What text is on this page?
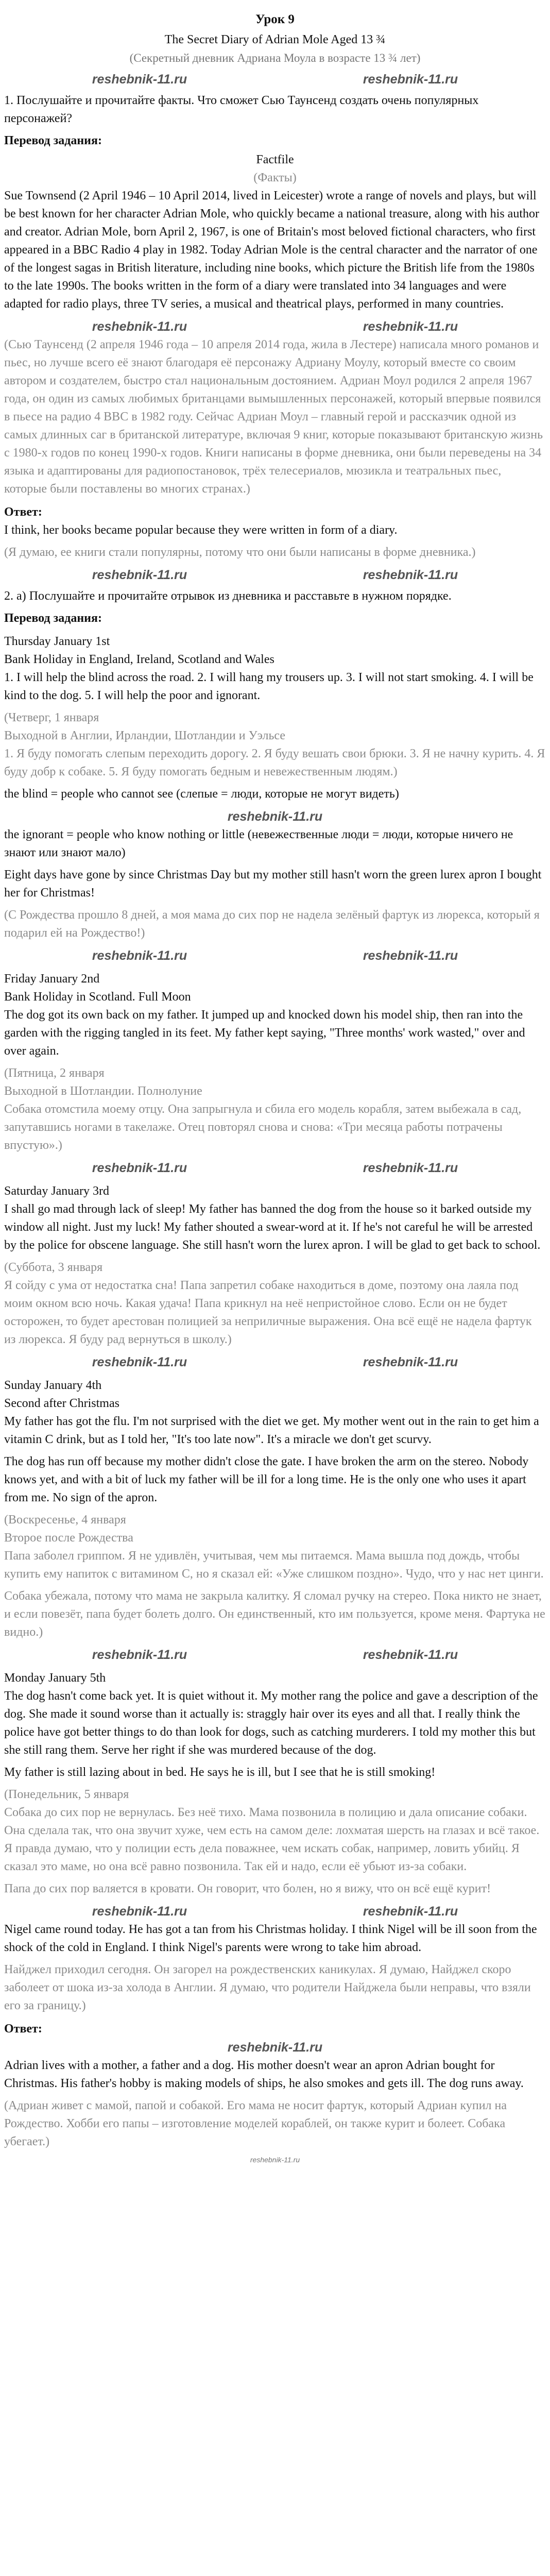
Урок 9
The Secret Diary of Adrian Mole Aged 13 ¾
(Секретный дневник Адриана Моула в возрасте 13 ¾ лет)
reshebnik-11.ru	reshebnik-11.ru

1. Послушайте и прочитайте факты. Что сможет Сью Таунсенд создать очень популярных персонажей?

Перевод задания:
Factfile
(Факты)

Sue Townsend (2 April 1946 – 10 April 2014, lived in Leicester) wrote a range of novels and plays, but will be best known for her character Adrian Mole, who quickly became a national treasure, along with his author and creator. Adrian Mole, born April 2, 1967, is one of Britain's most beloved fictional characters, who first appeared in a BBC Radio 4 play in 1982. Today Adrian Mole is the central character and the narrator of one of the longest sagas in British literature, including nine books, which picture the British life from the 1980s to the late 1990s. The books written in the form of a diary were translated into 34 languages and were adapted for radio plays, three TV series, a musical and theatrical plays, performed in many countries.

reshebnik-11.ru	reshebnik-11.ru

(Сью Таунсенд (2 апреля 1946 года – 10 апреля 2014 года, жила в Лестере) написала много романов и пьес, но лучше всего её знают благодаря её персонажу Адриану Моулу, который вместе со своим автором и создателем, быстро стал национальным достоянием. Адриан Моул родился 2 апреля 1967 года, он один из самых любимых британцами вымышленных персонажей, который впервые появился в пьесе на радио 4 ВВС в 1982 году. Сейчас Адриан Моул – главный герой и рассказчик одной из самых длинных саг в британской литературе, включая 9 книг, которые показывают британскую жизнь с 1980-х годов по конец 1990-х годов. Книги написаны в форме дневника, они были переведены на 34 языка и адаптированы для радиопостановок, трёх телесериалов, мюзикла и театральных пьес, которые были поставлены во многих странах.)

Ответ:

I think, her books became popular because they were written in form of a diary.

(Я думаю, ее книги стали популярны, потому что они были написаны в форме дневника.)

reshebnik-11.ru	reshebnik-11.ru

2. а) Послушайте и прочитайте отрывок из дневника и расставьте в нужном порядке.

Перевод задания:
Thursday January 1st
Bank Holiday in England, Ireland, Scotland and Wales

1. I will help the blind across the road. 2. I will hang my trousers up. 3. I will not start smoking. 4. I will be kind to the dog. 5. I will help the poor and ignorant.

(Четверг, 1 января
Выходной в Англии, Ирландии, Шотландии и Уэльсе

1. Я буду помогать слепым переходить дорогу. 2. Я буду вешать свои брюки. 3. Я не начну курить. 4. Я буду добр к собаке. 5. Я буду помогать бедным и невежественным людям.)

the blind = people who cannot see (слепые = люди, которые не могут видеть)

reshebnik-11.ru

the ignorant = people who know nothing or little (невежественные люди = люди, которые ничего не знают или знают мало)

Eight days have gone by since Christmas Day but my mother still hasn't worn the green lurex apron I bought her for Christmas!

(С Рождества прошло 8 дней, а моя мама до сих пор не надела зелёный фартук из люрекса, который я подарил ей на Рождество!)

reshebnik-11.ru	reshebnik-11.ru
Friday January 2nd
Bank Holiday in Scotland. Full Moon

The dog got its own back on my father. It jumped up and knocked down his model ship, then ran into the garden with the rigging tangled in its feet. My father kept saying, "Three months' work wasted," over and over again.

(Пятница, 2 января
Выходной в Шотландии. Полнолуние

Собака отомстила моему отцу. Она запрыгнула и сбила его модель корабля, затем выбежала в сад, запутавшись ногами в такелаже. Отец повторял снова и снова: «Три месяца работы потрачены впустую».)

reshebnik-11.ru	reshebnik-11.ru
Saturday January 3rd

I shall go mad through lack of sleep! My father has banned the dog from the house so it barked outside my window all night. Just my luck! My father shouted a swear-word at it. If he's not careful he will be arrested by the police for obscene language. She still hasn't worn the lurex apron. I will be glad to get back to school.

(Суббота, 3 января

Я сойду с ума от недостатка сна! Папа запретил собаке находиться в доме, поэтому она лаяла под моим окном всю ночь. Какая удача! Папа крикнул на неё непристойное слово. Если он не будет осторожен, то будет арестован полицией за неприличные выражения. Она всё ещё не надела фартук из люрекса. Я буду рад вернуться в школу.)

reshebnik-11.ru	reshebnik-11.ru
Sunday January 4th
Second after Christmas

My father has got the flu. I'm not surprised with the diet we get. My mother went out in the rain to get him a vitamin C drink, but as I told her, "It's too late now". It's a miracle we don't get scurvy.

The dog has run off because my mother didn't close the gate. I have broken the arm on the stereo. Nobody knows yet, and with a bit of luck my father will be ill for a long time. He is the only one who uses it apart from me. No sign of the apron.

(Воскресенье, 4 января
Второе после Рождества

Папа заболел гриппом. Я не удивлён, учитывая, чем мы питаемся. Мама вышла под дождь, чтобы купить ему напиток с витамином С, но я сказал ей: «Уже слишком поздно». Чудо, что у нас нет цинги.

Собака убежала, потому что мама не закрыла калитку. Я сломал ручку на стерео. Пока никто не знает, и если повезёт, папа будет болеть долго. Он единственный, кто им пользуется, кроме меня. Фартука не видно.)

reshebnik-11.ru	reshebnik-11.ru
Monday January 5th

The dog hasn't come back yet. It is quiet without it. My mother rang the police and gave a description of the dog. She made it sound worse than it actually is: straggly hair over its eyes and all that. I really think the police have got better things to do than look for dogs, such as catching murderers. I told my mother this but she still rang them. Serve her right if she was murdered because of the dog.

My father is still lazing about in bed. He says he is ill, but I see that he is still smoking!

(Понедельник, 5 января

Собака до сих пор не вернулась. Без неё тихо. Мама позвонила в полицию и дала описание собаки. Она сделала так, что она звучит хуже, чем есть на самом деле: лохматая шерсть на глазах и всё такое. Я правда думаю, что у полиции есть дела поважнее, чем искать собак, например, ловить убийц. Я сказал это маме, но она всё равно позвонила. Так ей и надо, если её убьют из-за собаки.

Папа до сих пор валяется в кровати. Он говорит, что болен, но я вижу, что он всё ещё курит!

reshebnik-11.ru	reshebnik-11.ru

Nigel came round today. He has got a tan from his Christmas holiday. I think Nigel will be ill soon from the shock of the cold in England. I think Nigel's parents were wrong to take him abroad.

Найджел приходил сегодня. Он загорел на рождественских каникулах. Я думаю, Найджел скоро заболеет от шока из-за холода в Англии. Я думаю, что родители Найджела были неправы, что взяли его за границу.)

Ответ:
reshebnik-11.ru

Adrian lives with a mother, a father and a dog. His mother doesn't wear an apron Adrian bought for Christmas. His father's hobby is making models of ships, he also smokes and gets ill. The dog runs away.

(Адриан живет с мамой, папой и собакой. Его мама не носит фартук, который Адриан купил на Рождество. Хобби его папы – изготовление моделей кораблей, он также курит и болеет. Собака убегает.)

reshebnik-11.ru
